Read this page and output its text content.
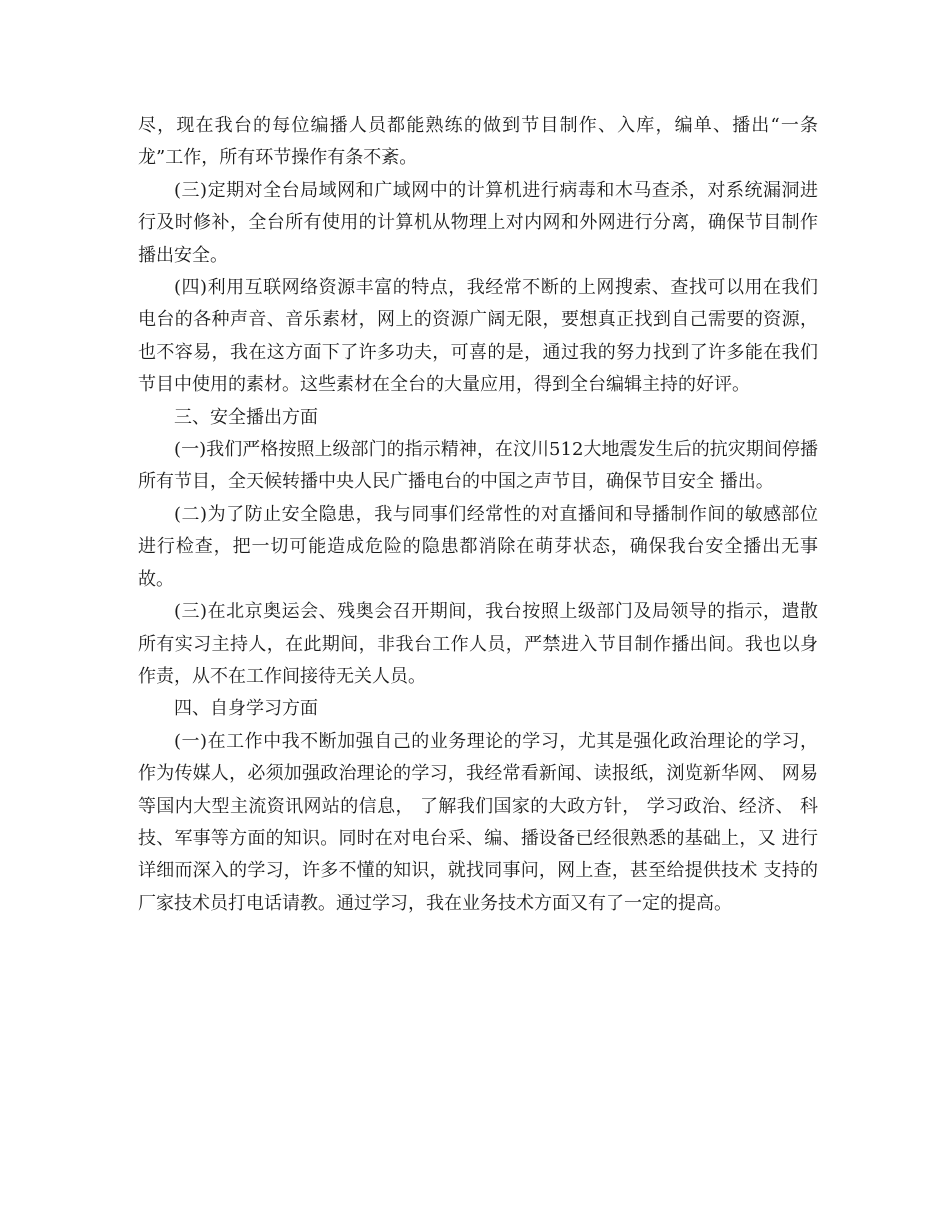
尽，现在我台的每位编播人员都能熟练的做到节目制作、入库，编单、播出“一条龙”工作，所有环节操作有条不紊。

(三)定期对全台局域网和广域网中的计算机进行病毒和木马查杀，对系统漏洞进行及时修补，全台所有使用的计算机从物理上对内网和外网进行分离，确保节目制作播出安全。

(四)利用互联网络资源丰富的特点，我经常不断的上网搜索、查找可以用在我们电台的各种声音、音乐素材，网上的资源广阔无限，要想真正找到自己需要的资源，也不容易，我在这方面下了许多功夫，可喜的是，通过我的努力找到了许多能在我们节目中使用的素材。这些素材在全台的大量应用，得到全台编辑主持的好评。

三、安全播出方面

(一)我们严格按照上级部门的指示精神，在汶川512大地震发生后的抗灾期间停播所有节目，全天候转播中央人民广播电台的中国之声节目，确保节目安全 播出。

(二)为了防止安全隐患，我与同事们经常性的对直播间和导播制作间的敏感部位进行检查，把一切可能造成危险的隐患都消除在萌芽状态，确保我台安全播出无事故。

(三)在北京奥运会、残奥会召开期间，我台按照上级部门及局领导的指示，遣散所有实习主持人，在此期间，非我台工作人员，严禁进入节目制作播出间。我也以身作责，从不在工作间接待无关人员。

四、自身学习方面

(一)在工作中我不断加强自己的业务理论的学习，尤其是强化政治理论的学习，作为传媒人，必须加强政治理论的学习，我经常看新闻、读报纸，浏览新华网、 网易等国内大型主流资讯网站的信息， 了解我们国家的大政方针， 学习政治、经济、 科技、军事等方面的知识。同时在对电台采、编、播设备已经很熟悉的基础上，又 进行详细而深入的学习，许多不懂的知识，就找同事问，网上查，甚至给提供技术 支持的厂家技术员打电话请教。通过学习，我在业务技术方面又有了一定的提高。
